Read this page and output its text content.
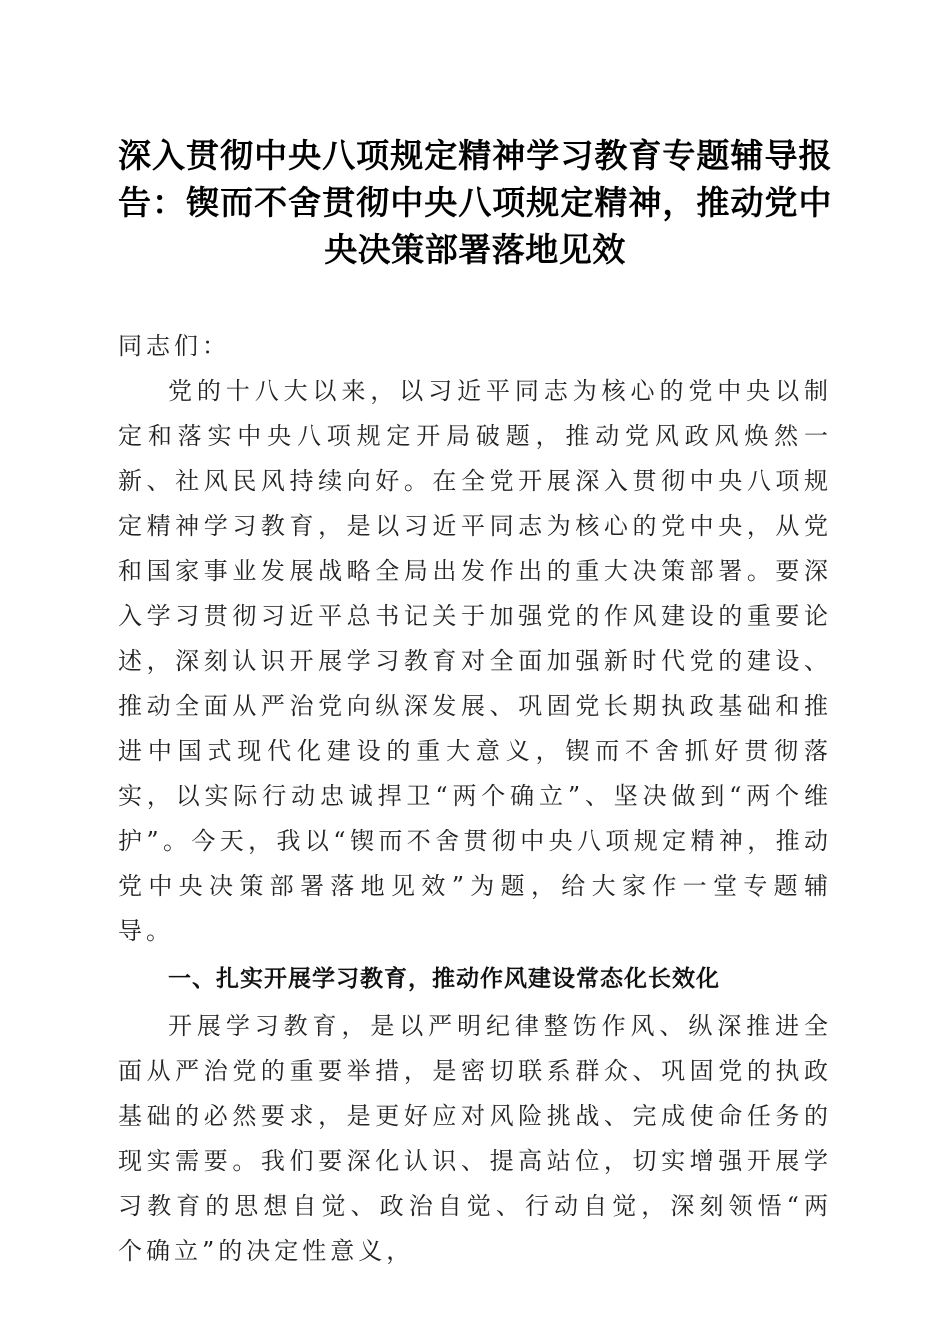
深入贯彻中央八项规定精神学习教育专题辅导报告：锲而不舍贯彻中央八项规定精神，推动党中央决策部署落地见效

同志们：

党的十八大以来，以习近平同志为核心的党中央以制定和落实中央八项规定开局破题，推动党风政风焕然一新、社风民风持续向好。在全党开展深入贯彻中央八项规定精神学习教育，是以习近平同志为核心的党中央，从党和国家事业发展战略全局出发作出的重大决策部署。要深入学习贯彻习近平总书记关于加强党的作风建设的重要论述，深刻认识开展学习教育对全面加强新时代党的建设、推动全面从严治党向纵深发展、巩固党长期执政基础和推进中国式现代化建设的重大意义，锲而不舍抓好贯彻落实，以实际行动忠诚捍卫“两个确立”、坚决做到“两个维护”。今天，我以“锲而不舍贯彻中央八项规定精神，推动党中央决策部署落地见效”为题，给大家作一堂专题辅导。

一、扎实开展学习教育，推动作风建设常态化长效化

开展学习教育，是以严明纪律整饬作风、纵深推进全面从严治党的重要举措，是密切联系群众、巩固党的执政基础的必然要求，是更好应对风险挑战、完成使命任务的现实需要。我们要深化认识、提高站位，切实增强开展学习教育的思想自觉、政治自觉、行动自觉，深刻领悟“两个确立”的决定性意义，
